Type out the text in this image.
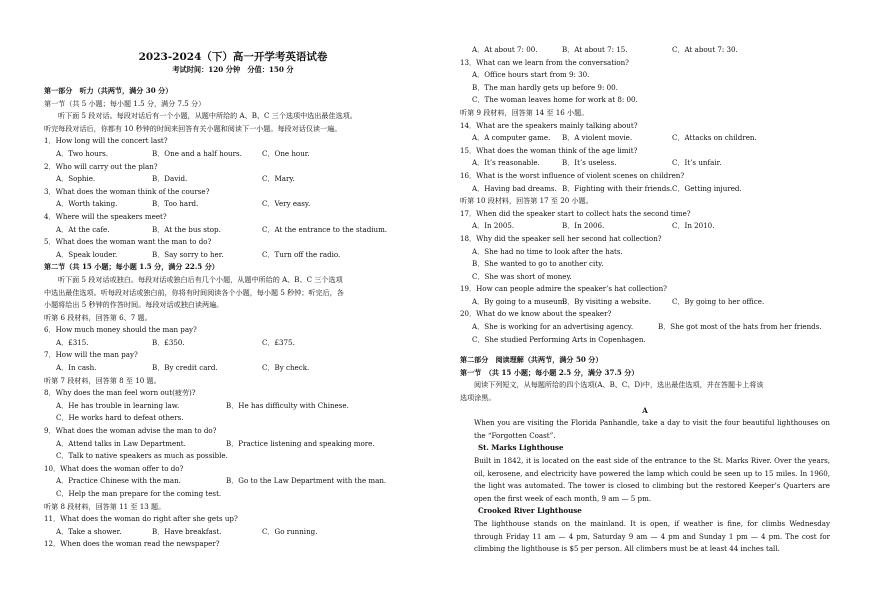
2023-2024（下）高一开学考英语试卷
考试时间：120 分钟　分值：150 分
第一部分　听力（共两节，满分 30 分）
第一节（共 5 小题；每小题 1.5 分，满分 7.5 分）
听下面 5 段对话。每段对话后有一个小题，从题中所给的 A、B、C 三个选项中选出最佳选项。
听完每段对话后，你都有 10 秒钟的时间来回答有关小题和阅读下一小题。每段对话仅读一遍。
1．How long will the concert last?
A．Two hours.	B．One and a half hours.	C．One hour.
2．Who will carry out the plan?
A．Sophie.	B．David.	C．Mary.
3．What does the woman think of the course?
A．Worth taking.	B．Too hard.	C．Very easy.
4．Where will the speakers meet?
A．At the cafe.	B．At the bus stop.	C．At the entrance to the stadium.
5．What does the woman want the man to do?
A．Speak louder.	B．Say sorry to her.	C．Turn off the radio.
第二节（共 15 小题；每小题 1.5 分，满分 22.5 分）
听下面 5 段对话或独白。每段对话或独白后有几个小题，从题中所给的 A、B、C 三个选项
中选出最佳选项。听每段对话或独白前，你将有时间阅读各个小题，每小题 5 秒钟；听完后，各
小题将给出 5 秒钟的作答时间。每段对话或独白读两遍。
听第 6 段材料，回答第 6、7 题。
6．How much money should the man pay?
A．£315.	B．£350.	C．£375.
7．How will the man pay?
A．In cash.	B．By credit card.	C．By check.
听第 7 段材料，回答第 8 至 10 题。
8．Why does the man feel worn out(疲劳)?
A．He has trouble in learning law.	B．He has difficulty with Chinese.
C．He works hard to defeat others.
9．What does the woman advise the man to do?
A．Attend talks in Law Department.	B．Practice listening and speaking more.
C．Talk to native speakers as much as possible.
10．What does the woman offer to do?
A．Practice Chinese with the man.	B．Go to the Law Department with the man.
C．Help the man prepare for the coming test.
听第 8 段材料，回答第 11 至 13 题。
11．What does the woman do right after she gets up?
A．Take a shower.	B．Have breakfast.	C．Go running.
12．When does the woman read the newspaper?
A．At about 7: 00.	B．At about 7: 15.	C．At about 7: 30.
13．What can we learn from the conversation?
A．Office hours start from 9: 30.
B．The man hardly gets up before 9: 00.
C．The woman leaves home for work at 8: 00.
听第 9 段材料，回答第 14 至 16 小题。
14．What are the speakers mainly talking about?
A．A computer game.	B．A violent movie.	C．Attacks on children.
15．What does the woman think of the age limit?
A．It’s reasonable.	B．It’s useless.	C．It’s unfair.
16．What is the worst influence of violent scenes on children?
A．Having bad dreams. B．Fighting with their friends. C．Getting injured.
听第 10 段材料，回答第 17 至 20 小题。
17．When did the speaker start to collect hats the second time?
A．In 2005.	B．In 2006.	C．In 2010.
18．Why did the speaker sell her second hat collection?
A．She had no time to look after the hats.
B．She wanted to go to another city.
C．She was short of money.
19．How can people admire the speaker’s hat collection?
A．By going to a museum.
B．By visiting a website.	C．By going to her office.
20．What do we know about the speaker?
A．She is working for an advertising agency.	B．She got most of the hats from her friends.
C．She studied Performing Arts in Copenhagen.
第二部分　阅读理解（共两节，满分 50 分）
第一节　（共 15 小题；每小题 2.5 分，满分 37.5 分）
阅读下列短文，从每题所给的四个选项(A、B、C、D)中，选出最佳选项，并在答题卡上将该
选项涂黑。
A
When you are visiting the Florida Panhandle, take a day to visit the four beautiful lighthouses on the “Forgotten Coast”.
St. Marks Lighthouse
Built in 1842, it is located on the east side of the entrance to the St. Marks River. Over the years, oil, kerosene, and electricity have powered the lamp which could be seen up to 15 miles. In 1960, the light was automated. The tower is closed to climbing but the restored Keeper’s Quarters are open the first week of each month, 9 am — 5 pm.
Crooked River Lighthouse
The lighthouse stands on the mainland. It is open, if weather is fine, for climbs Wednesday through Friday 11 am — 4 pm, Saturday 9 am — 4 pm and Sunday 1 pm — 4 pm. The cost for climbing the lighthouse is $5 per person. All climbers must be at least 44 inches tall.
